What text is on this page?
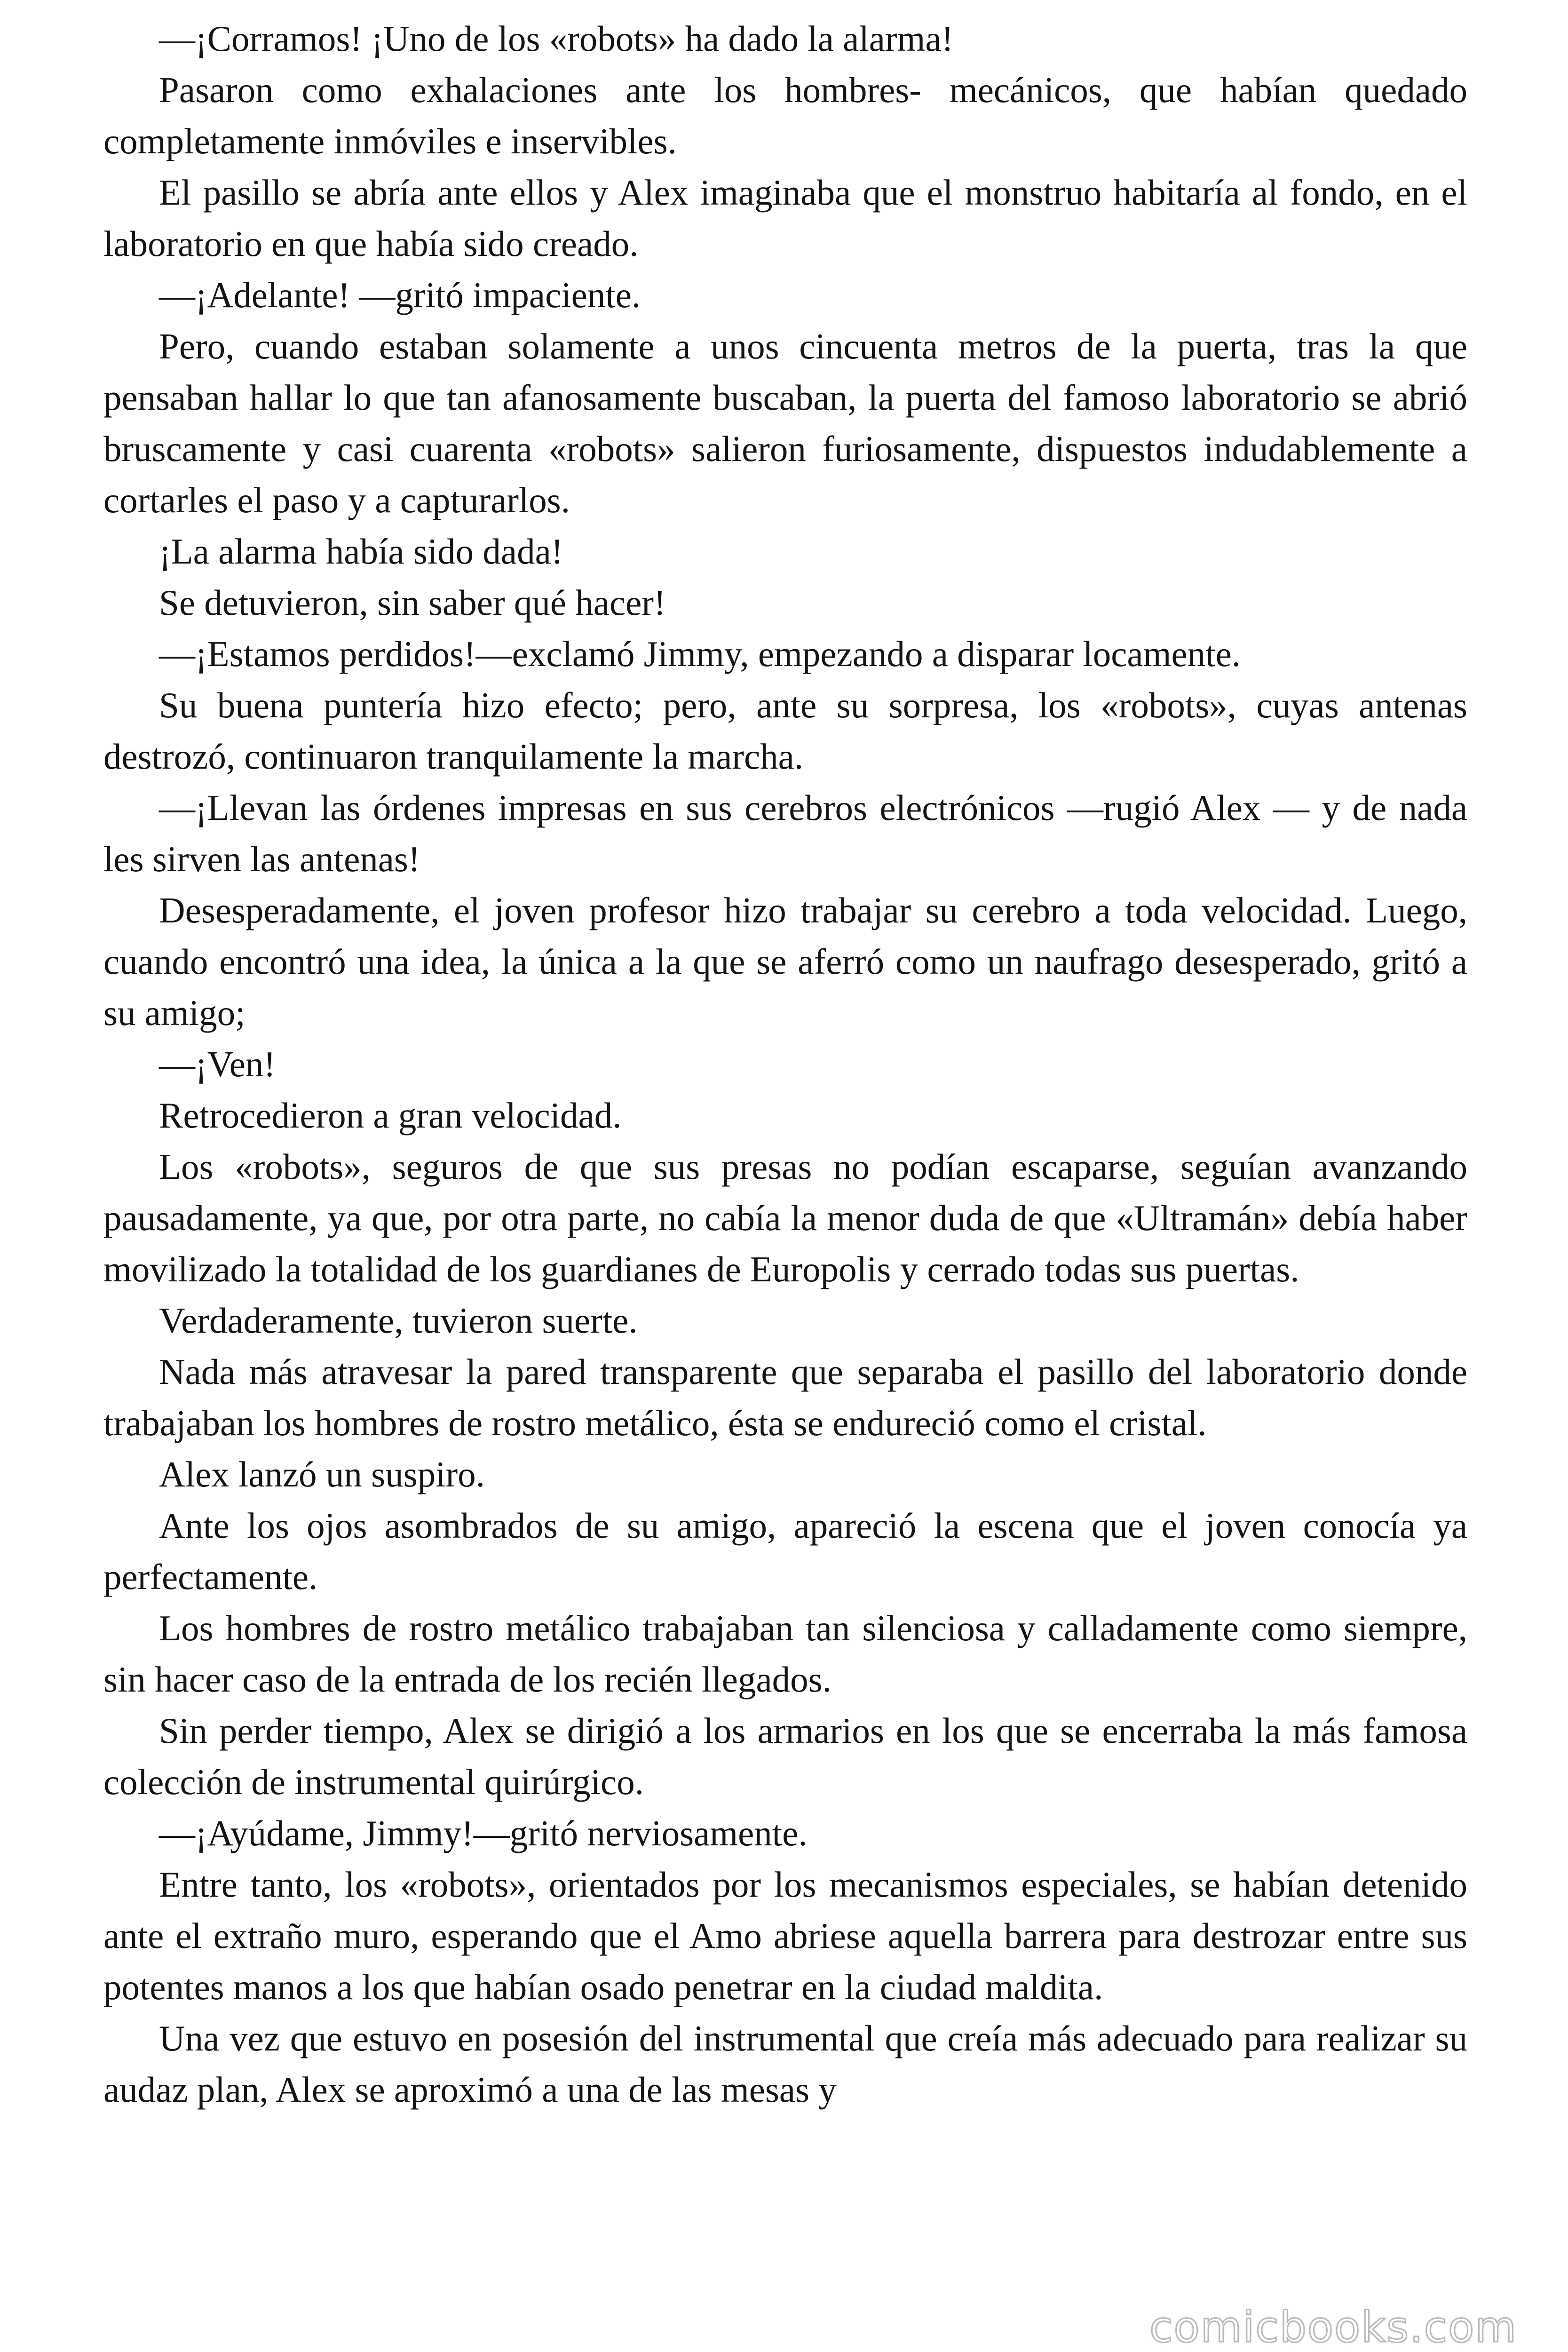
—¡Corramos! ¡Uno de los «robots» ha dado la alarma!

Pasaron como exhalaciones ante los hombres- mecánicos, que habían quedado completamente inmóviles e inservibles.

El pasillo se abría ante ellos y Alex imaginaba que el monstruo habitaría al fondo, en el laboratorio en que había sido creado.

—¡Adelante! —gritó impaciente.

Pero, cuando estaban solamente a unos cincuenta metros de la puerta, tras la que pensaban hallar lo que tan afanosamente buscaban, la puerta del famoso laboratorio se abrió bruscamente y casi cuarenta «robots» salieron furiosamente, dispuestos indudablemente a cortarles el paso y a capturarlos.

¡La alarma había sido dada!

Se detuvieron, sin saber qué hacer!

—¡Estamos perdidos!—exclamó Jimmy, empezando a disparar locamente.

Su buena puntería hizo efecto; pero, ante su sorpresa, los «robots», cuyas antenas destrozó, continuaron tranquilamente la marcha.

—¡Llevan las órdenes impresas en sus cerebros electrónicos —rugió Alex — y de nada les sirven las antenas!

Desesperadamente, el joven profesor hizo trabajar su cerebro a toda velocidad. Luego, cuando encontró una idea, la única a la que se aferró como un naufrago desesperado, gritó a su amigo;

—¡Ven!

Retrocedieron a gran velocidad.

Los «robots», seguros de que sus presas no podían escaparse, seguían avanzando pausadamente, ya que, por otra parte, no cabía la menor duda de que «Ultramán» debía haber movilizado la totalidad de los guardianes de Europolis y cerrado todas sus puertas.

Verdaderamente, tuvieron suerte.

Nada más atravesar la pared transparente que separaba el pasillo del laboratorio donde trabajaban los hombres de rostro metálico, ésta se endureció como el cristal.

Alex lanzó un suspiro.

Ante los ojos asombrados de su amigo, apareció la escena que el joven conocía ya perfectamente.

Los hombres de rostro metálico trabajaban tan silenciosa y calladamente como siempre, sin hacer caso de la entrada de los recién llegados.

Sin perder tiempo, Alex se dirigió a los armarios en los que se encerraba la más famosa colección de instrumental quirúrgico.

—¡Ayúdame, Jimmy!—gritó nerviosamente.

Entre tanto, los «robots», orientados por los mecanismos especiales, se habían detenido ante el extraño muro, esperando que el Amo abriese aquella barrera para destrozar entre sus potentes manos a los que habían osado penetrar en la ciudad maldita.

Una vez que estuvo en posesión del instrumental que creía más adecuado para realizar su audaz plan, Alex se aproximó a una de las mesas y

comicbooks.com
